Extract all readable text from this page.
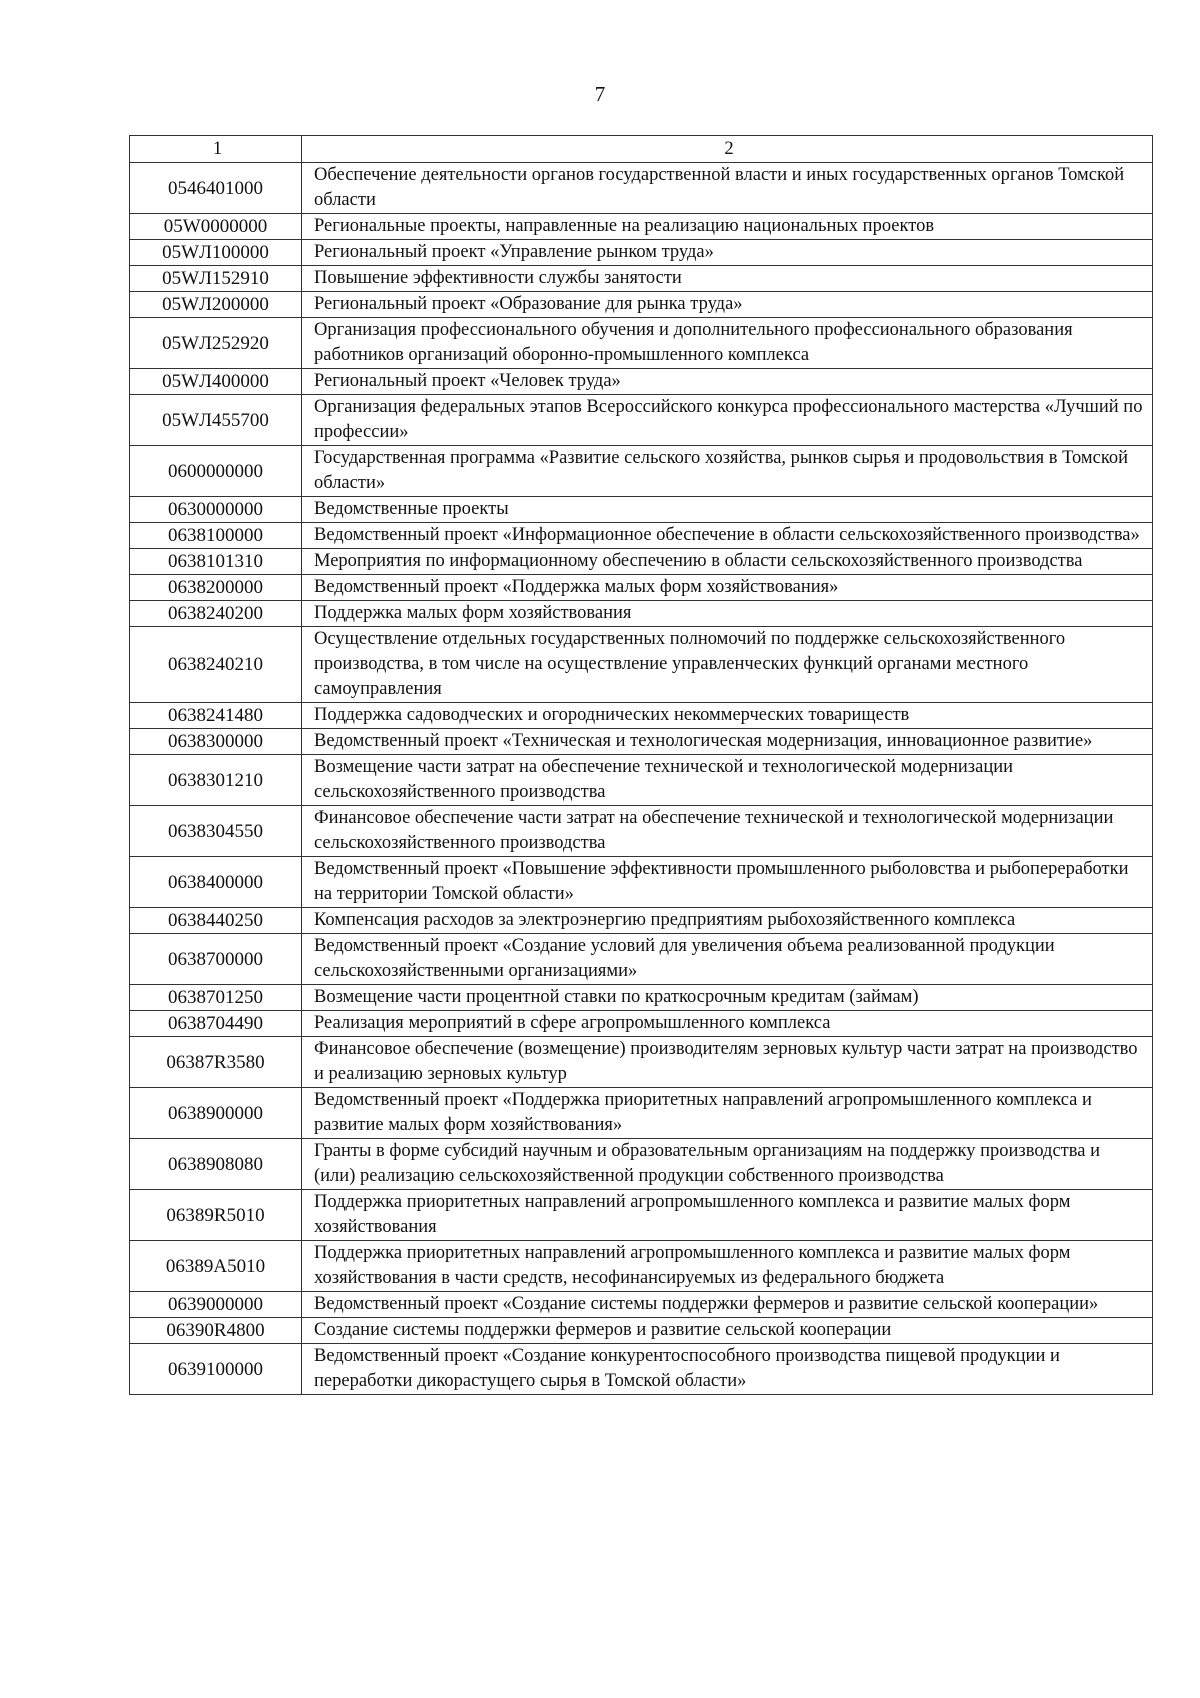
7
1	2
0546401000	Обеспечение деятельности органов государственной власти и иных государственных органов Томской области
05W0000000	Региональные проекты, направленные на реализацию национальных проектов
05WЛ100000	Региональный проект «Управление рынком труда»
05WЛ152910	Повышение эффективности службы занятости
05WЛ200000	Региональный проект «Образование для рынка труда»
05WЛ252920	Организация профессионального обучения и дополнительного профессионального образования работников организаций оборонно-промышленного комплекса
05WЛ400000	Региональный проект «Человек труда»
05WЛ455700	Организация федеральных этапов Всероссийского конкурса профессионального мастерства «Лучший по профессии»
0600000000	Государственная программа «Развитие сельского хозяйства, рынков сырья и продовольствия в Томской области»
0630000000	Ведомственные проекты
0638100000	Ведомственный проект «Информационное обеспечение в области сельскохозяйственного производства»
0638101310	Мероприятия по информационному обеспечению в области сельскохозяйственного производства
0638200000	Ведомственный проект «Поддержка малых форм хозяйствования»
0638240200	Поддержка малых форм хозяйствования
0638240210	Осуществление отдельных государственных полномочий по поддержке сельскохозяйственного производства, в том числе на осуществление управленческих функций органами местного самоуправления
0638241480	Поддержка садоводческих и огороднических некоммерческих товариществ
0638300000	Ведомственный проект «Техническая и технологическая модернизация, инновационное развитие»
0638301210	Возмещение части затрат на обеспечение технической и технологической модернизации сельскохозяйственного производства
0638304550	Финансовое обеспечение части затрат на обеспечение технической и технологической модернизации сельскохозяйственного производства
0638400000	Ведомственный проект «Повышение эффективности промышленного рыболовства и рыбопереработки на территории Томской области»
0638440250	Компенсация расходов за электроэнергию предприятиям рыбохозяйственного комплекса
0638700000	Ведомственный проект «Создание условий для увеличения объема реализованной продукции сельскохозяйственными организациями»
0638701250	Возмещение части процентной ставки по краткосрочным кредитам (займам)
0638704490	Реализация мероприятий в сфере агропромышленного комплекса
06387R3580	Финансовое обеспечение (возмещение) производителям зерновых культур части затрат на производство и реализацию зерновых культур
0638900000	Ведомственный проект «Поддержка приоритетных направлений агропромышленного комплекса и развитие малых форм хозяйствования»
0638908080	Гранты в форме субсидий научным и образовательным организациям на поддержку производства и (или) реализацию сельскохозяйственной продукции собственного производства
06389R5010	Поддержка приоритетных направлений агропромышленного комплекса и развитие малых форм хозяйствования
06389A5010	Поддержка приоритетных направлений агропромышленного комплекса и развитие малых форм хозяйствования в части средств, несофинансируемых из федерального бюджета
0639000000	Ведомственный проект «Создание системы поддержки фермеров и развитие сельской кооперации»
06390R4800	Создание системы поддержки фермеров и развитие сельской кооперации
0639100000	Ведомственный проект «Создание конкурентоспособного производства пищевой продукции и переработки дикорастущего сырья в Томской области»
